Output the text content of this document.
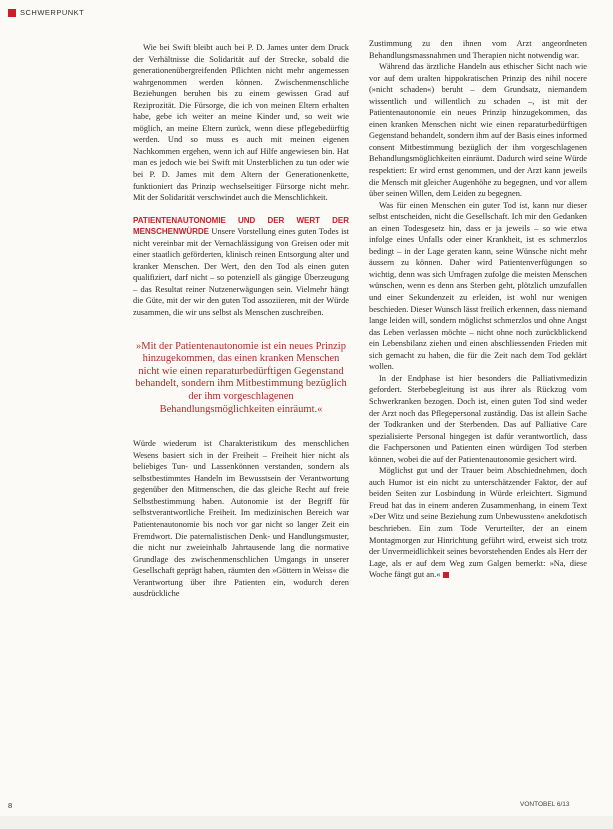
SCHWERPUNKT

Wie bei Swift bleibt auch bei P. D. James unter dem Druck der Verhältnisse die Solidarität auf der Strecke, sobald die generationenübergreifenden Pflichten nicht mehr angemessen wahrgenommen werden können. Zwischenmenschliche Beziehungen beruhen bis zu einem gewissen Grad auf Reziprozität. Die Fürsorge, die ich von meinen Eltern erhalten habe, gebe ich weiter an meine Kinder und, so weit wie möglich, an meine Eltern zurück, wenn diese pflegebedürftig werden. Und so muss es auch mit meinen eigenen Nachkommen ergehen, wenn ich auf Hilfe angewiesen bin. Hat man es jedoch wie bei Swift mit Unsterblichen zu tun oder wie bei P. D. James mit dem Altern der Generationenkette, funktioniert das Prinzip wechselseitiger Fürsorge nicht mehr. Mit der Solidarität verschwindet auch die Menschlichkeit.

PATIENTENAUTONOMIE UND DER WERT DER MENSCHENWÜRDE Unsere Vorstellung eines guten Todes ist nicht vereinbar mit der Vernachlässigung von Greisen oder mit einer staatlich geförderten, klinisch reinen Entsorgung alter und kranker Menschen. Der Wert, den den Tod als einen guten qualifiziert, darf nicht – so potenziell als gängige Überzeugung – das Resultat reiner Nutzenerwägungen sein. Vielmehr hängt die Güte, mit der wir den guten Tod assoziieren, mit der Würde zusammen, die wir uns selbst als Menschen zuschreiben.

»Mit der Patientenautonomie ist ein neues Prinzip hinzugekommen, das einen kranken Menschen nicht wie einen reparaturbedürftigen Gegenstand behandelt, sondern ihm Mitbestimmung bezüglich der ihm vorgeschlagenen Behandlungsmöglichkeiten einräumt.«

Würde wiederum ist Charakteristikum des menschlichen Wesens basiert sich in der Freiheit – Freiheit hier nicht als beliebiges Tun- und Lassenkönnen verstanden, sondern als selbstbestimmtes Handeln im Bewusstsein der Verantwortung gegenüber den Mitmenschen, die das gleiche Recht auf freie Selbstbestimmung haben. Autonomie ist der Begriff für selbstverantwortliche Freiheit. Im medizinischen Bereich war Patientenautonomie bis noch vor gar nicht so langer Zeit ein Fremdwort. Die paternalistischen Denk- und Handlungsmuster, die nicht nur zweieinhalb Jahrtausende lang die normative Grundlage des zwischenmenschlichen Umgangs in unserer Gesellschaft geprägt haben, räumten den »Göttern in Weiss« die Verantwortung über ihre Patienten ein, wodurch deren ausdrückliche

Zustimmung zu den ihnen vom Arzt angeordneten Behandlungsmassnahmen und Therapien nicht notwendig war.

Während das ärztliche Handeln aus ethischer Sicht nach wie vor auf dem uralten hippokratischen Prinzip des nihil nocere (»nicht schaden«) beruht – dem Grundsatz, niemandem wissentlich und willentlich zu schaden –, ist mit der Patientenautonomie ein neues Prinzip hinzugekommen, das einen kranken Menschen nicht wie einen reparaturbedürftigen Gegenstand behandelt, sondern ihm auf der Basis eines informed consent Mitbestimmung bezüglich der ihm vorgeschlagenen Behandlungsmöglichkeiten einräumt. Dadurch wird seine Würde respektiert: Er wird ernst genommen, und der Arzt kann jeweils die Mensch mit gleicher Augenhöhe zu begegnen, und vor allem über seinen Willen, dem Leiden zu begegnen.

Was für einen Menschen ein guter Tod ist, kann nur dieser selbst entscheiden, nicht die Gesellschaft. Ich mir den Gedanken an einen Todesgesetz hin, dass er ja jeweils – so wie etwa infolge eines Unfalls oder einer Krankheit, ist es schmerzlos bedingt – in der Lage geraten kann, seine Wünsche nicht mehr äussern zu können. Daher wird Patientenverfügungen so wichtig, denn was sich Umfragen zufolge die meisten Menschen wünschen, wenn es denn ans Sterben geht, plötzlich umzufallen und einer Sekundenzeit zu erleiden, ist wohl nur wenigen beschieden. Dieser Wunsch lässt freilich erkennen, dass niemand lange leiden will, sondern möglichst schmerzlos und ohne Angst das Leben verlassen möchte – nicht ohne noch zurückblickend ein Lebensbilanz ziehen und einen abschliessenden Frieden mit sich gemacht zu haben, die für die Zeit nach dem Tod geklärt wollen.

In der Endphase ist hier besonders die Palliativmedizin gefordert. Sterbebegleitung ist aus ihrer als Rückzug vom Schwerkranken bezogen. Doch ist, einen guten Tod sind weder der Arzt noch das Pflegepersonal zuständig. Das ist allein Sache der Todkranken und der Sterbenden. Das auf Palliative Care spezialisierte Personal hingegen ist dafür verantwortlich, dass die Fachpersonen und Patienten einen würdigen Tod sterben können, wobei die auf der Patientenautonomie gesichert wird.

Möglichst gut und der Trauer beim Abschiednehmen, doch auch Humor ist ein nicht zu unterschätzender Faktor, der auf beiden Seiten zur Losbindung in Würde erleichtert. Sigmund Freud hat das in einem anderen Zusammenhang, in einem Text »Der Witz und seine Beziehung zum Unbewussten« anekdotisch beschrieben. Ein zum Tode Verurteilter, der an einem Montagmorgen zur Hinrichtung geführt wird, erweist sich trotz der Unvermeidlichkeit seines bevorstehenden Endes als Herr der Lage, als er auf dem Weg zum Galgen bemerkt: »Na, diese Woche fängt gut an.«

8	VONTOBEL 6/13
